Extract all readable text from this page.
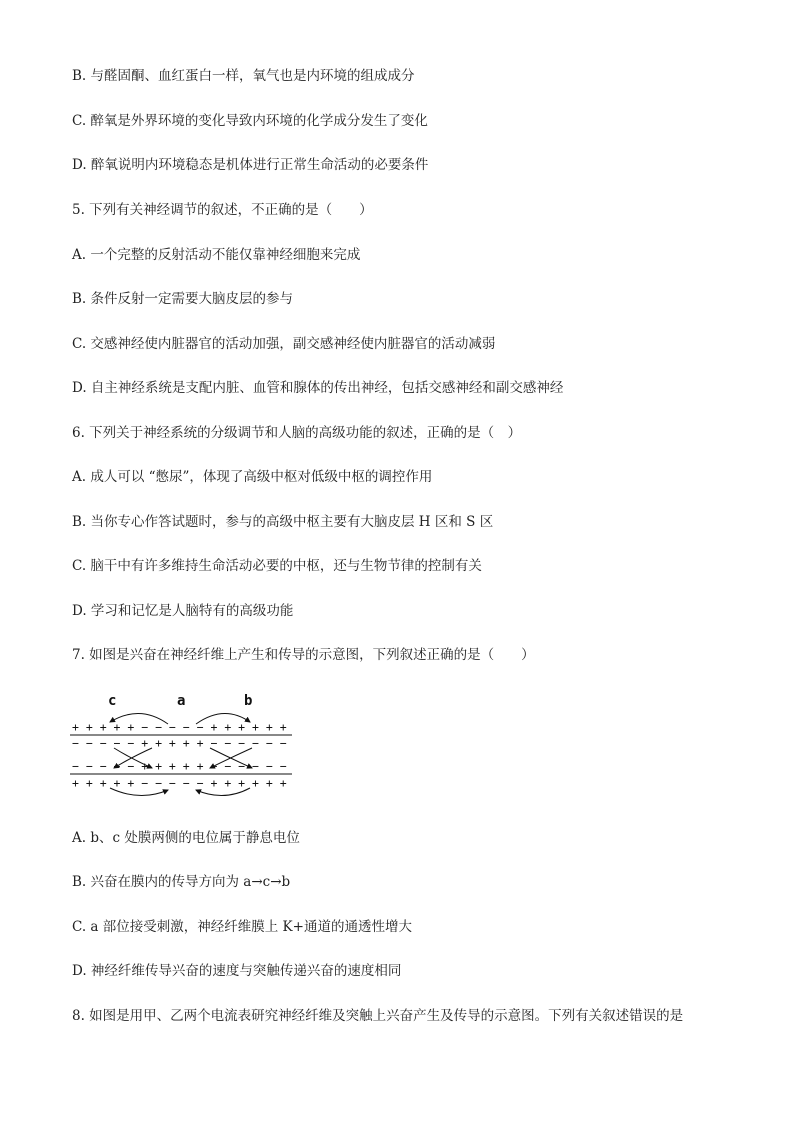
B. 与醛固酮、血红蛋白一样，氧气也是内环境的组成成分
C. 醉氧是外界环境的变化导致内环境的化学成分发生了变化
D. 醉氧说明内环境稳态是机体进行正常生命活动的必要条件
5. 下列有关神经调节的叙述，不正确的是（　　）
A. 一个完整的反射活动不能仅靠神经细胞来完成
B. 条件反射一定需要大脑皮层的参与
C. 交感神经使内脏器官的活动加强，副交感神经使内脏器官的活动减弱
D. 自主神经系统是支配内脏、血管和腺体的传出神经，包括交感神经和副交感神经
6. 下列关于神经系统的分级调节和人脑的高级功能的叙述，正确的是（　）
A. 成人可以 “憋尿”，体现了高级中枢对低级中枢的调控作用
B. 当你专心作答试题时，参与的高级中枢主要有大脑皮层 H 区和 S 区
C. 脑干中有许多维持生命活动必要的中枢，还与生物节律的控制有关
D. 学习和记忆是人脑特有的高级功能
7. 如图是兴奋在神经纤维上产生和传导的示意图，下列叙述正确的是（　　）
c	a	b
+ + + + + − − − − − + + + + + +
− − − − − + + + + + − − − − − −
− − − − − + + + + + − − − − − −
+ + + + + − − − − − + + + + + +
A. b、c 处膜两侧的电位属于静息电位
B. 兴奋在膜内的传导方向为 a→c→b
C. a 部位接受刺激，神经纤维膜上 K+通道的通透性增大
D. 神经纤维传导兴奋的速度与突触传递兴奋的速度相同
8. 如图是用甲、乙两个电流表研究神经纤维及突触上兴奋产生及传导的示意图。下列有关叙述错误的是
